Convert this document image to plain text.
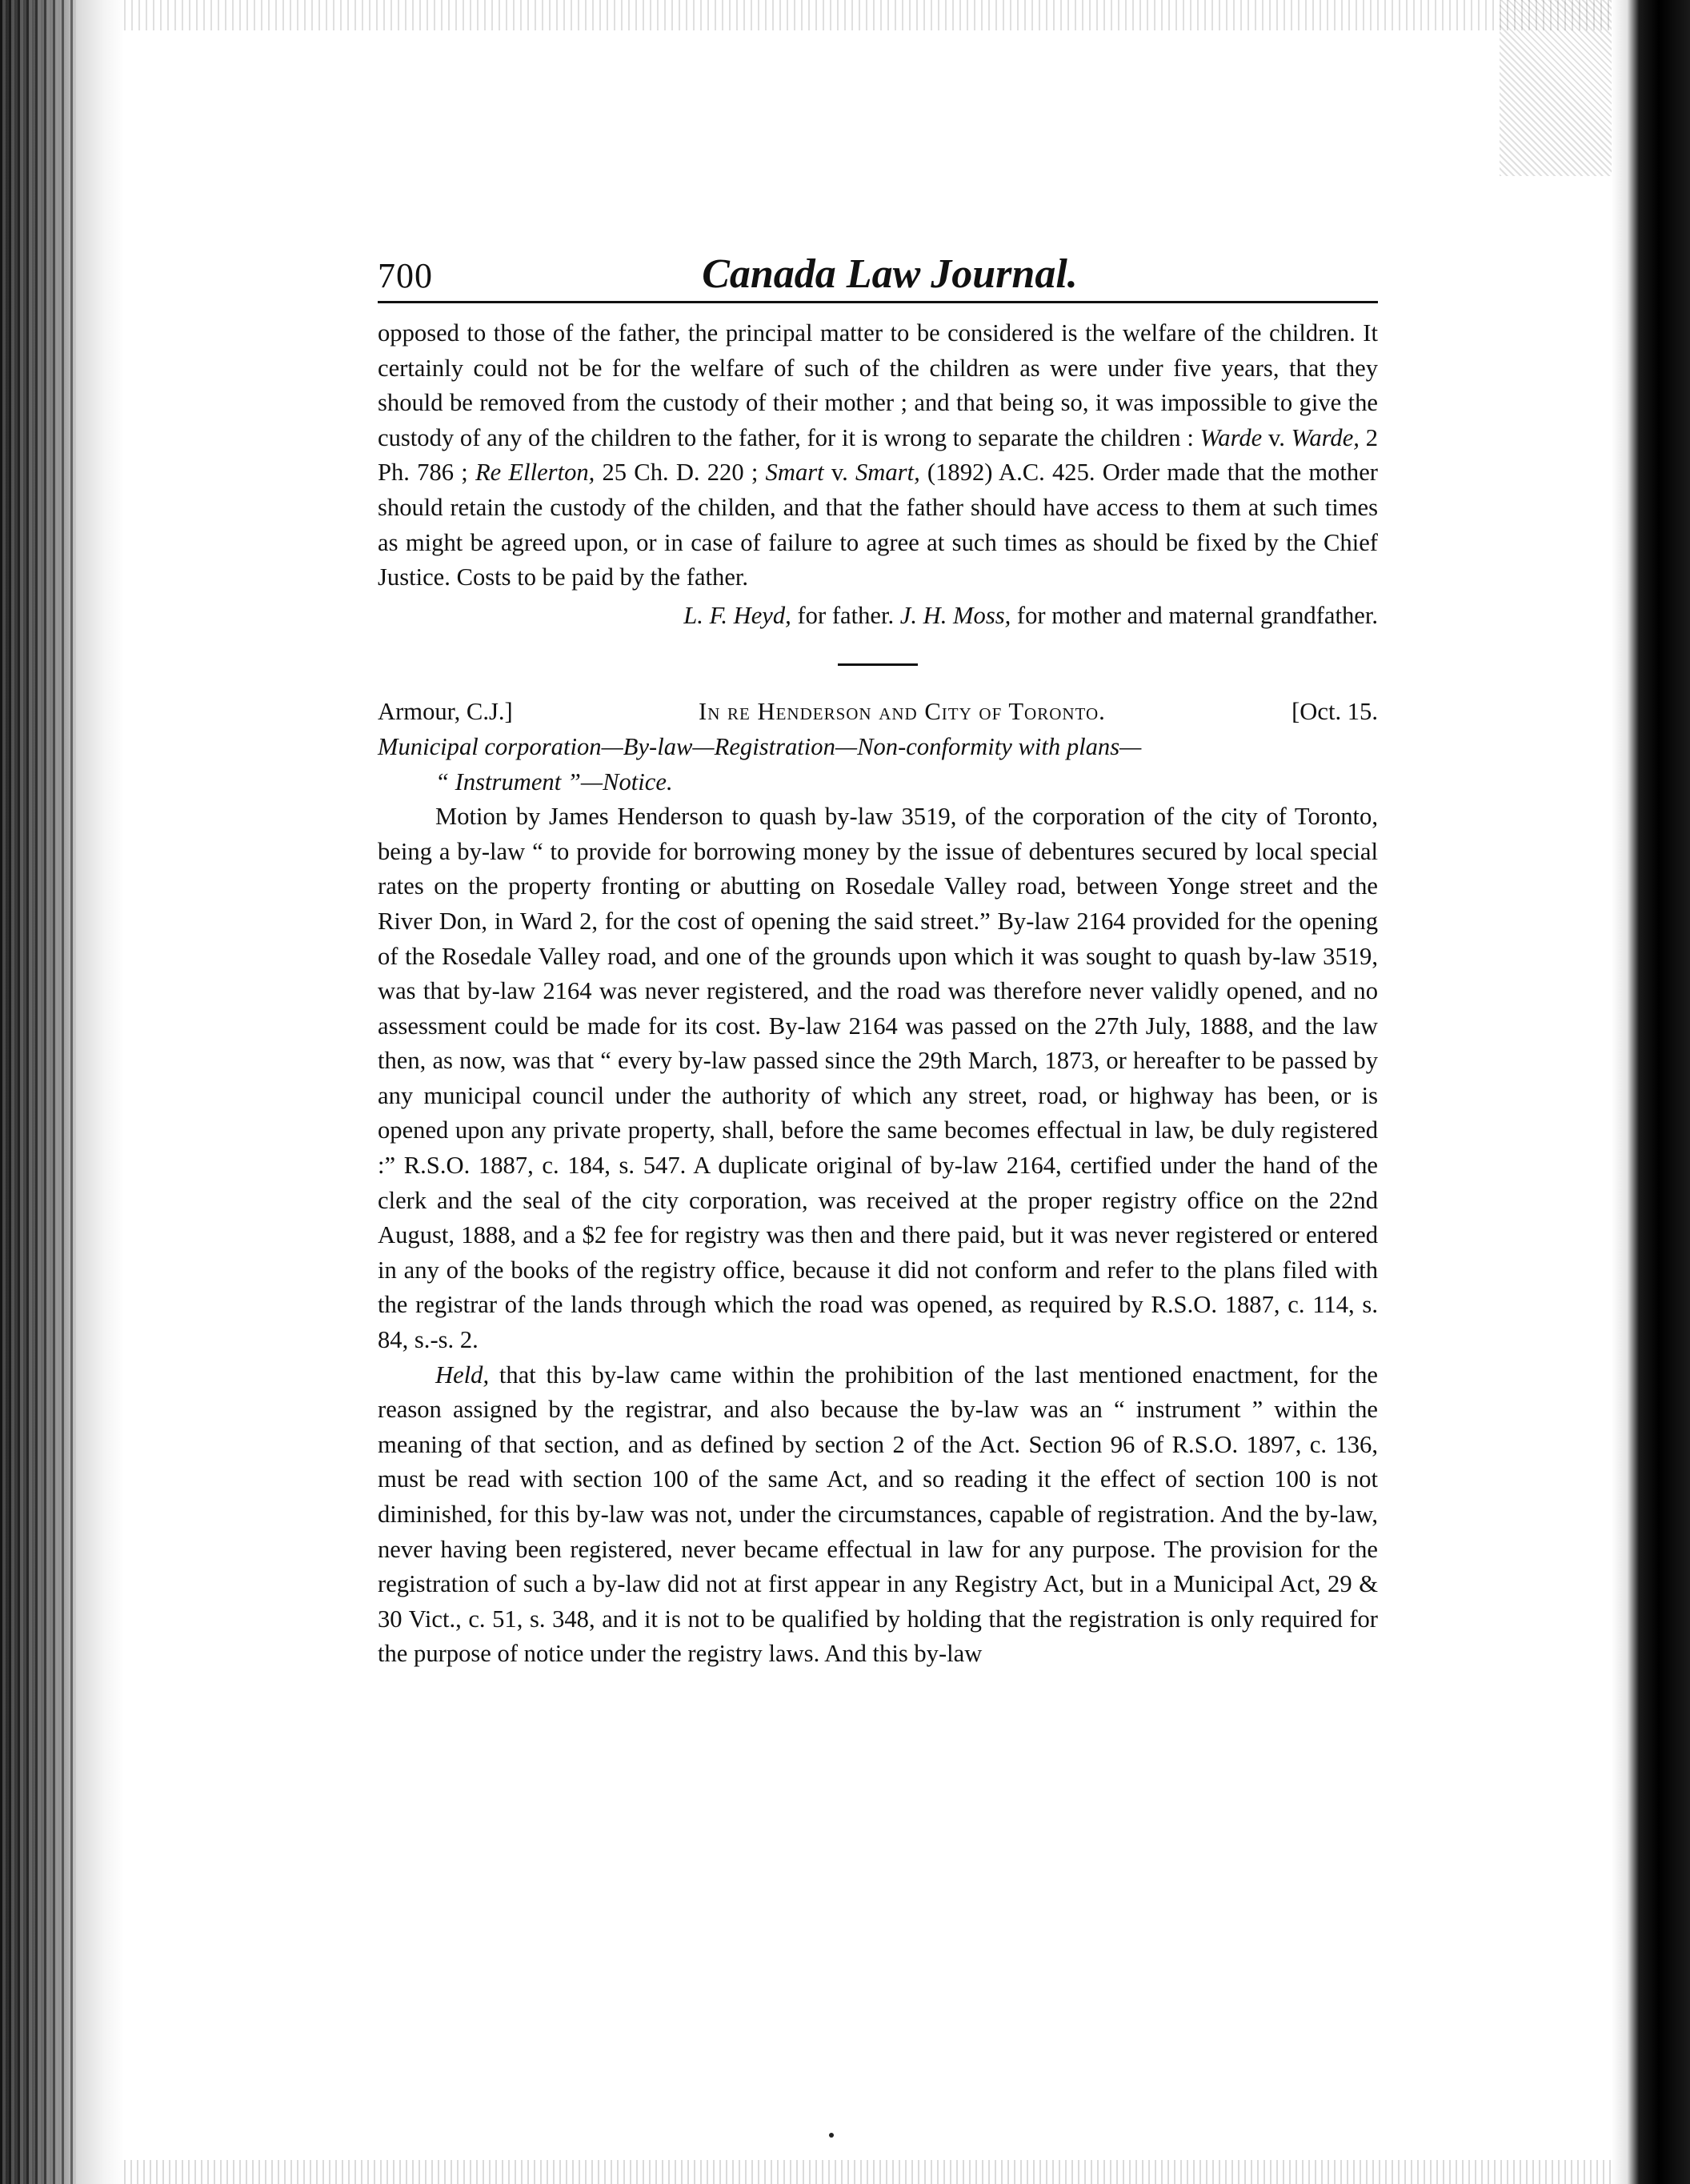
700	Canada Law Journal.

opposed to those of the father, the principal matter to be considered is the welfare of the children. It certainly could not be for the welfare of such of the children as were under five years, that they should be removed from the custody of their mother ; and that being so, it was impossible to give the custody of any of the children to the father, for it is wrong to separate the children : Warde v. Warde, 2 Ph. 786 ; Re Ellerton, 25 Ch. D. 220 ; Smart v. Smart, (1892) A.C. 425. Order made that the mother should retain the custody of the childen, and that the father should have access to them at such times as might be agreed upon, or in case of failure to agree at such times as should be fixed by the Chief Justice. Costs to be paid by the father.

L. F. Heyd, for father. J. H. Moss, for mother and maternal grandfather.

Armour, C.J.]	In re Henderson and City of Toronto.	[Oct. 15.
Municipal corporation—By-law—Registration—Non-conformity with plans—
“ Instrument ”—Notice.

Motion by James Henderson to quash by-law 3519, of the corporation of the city of Toronto, being a by-law “ to provide for borrowing money by the issue of debentures secured by local special rates on the property fronting or abutting on Rosedale Valley road, between Yonge street and the River Don, in Ward 2, for the cost of opening the said street.” By-law 2164 provided for the opening of the Rosedale Valley road, and one of the grounds upon which it was sought to quash by-law 3519, was that by-law 2164 was never registered, and the road was therefore never validly opened, and no assessment could be made for its cost. By-law 2164 was passed on the 27th July, 1888, and the law then, as now, was that “ every by-law passed since the 29th March, 1873, or hereafter to be passed by any municipal council under the authority of which any street, road, or highway has been, or is opened upon any private property, shall, before the same becomes effectual in law, be duly registered :” R.S.O. 1887, c. 184, s. 547. A duplicate original of by-law 2164, certified under the hand of the clerk and the seal of the city corporation, was received at the proper registry office on the 22nd August, 1888, and a $2 fee for registry was then and there paid, but it was never registered or entered in any of the books of the registry office, because it did not conform and refer to the plans filed with the registrar of the lands through which the road was opened, as required by R.S.O. 1887, c. 114, s. 84, s.-s. 2.

Held, that this by-law came within the prohibition of the last mentioned enactment, for the reason assigned by the registrar, and also because the by-law was an “ instrument ” within the meaning of that section, and as defined by section 2 of the Act. Section 96 of R.S.O. 1897, c. 136, must be read with section 100 of the same Act, and so reading it the effect of section 100 is not diminished, for this by-law was not, under the circumstances, capable of registration. And the by-law, never having been registered, never became effectual in law for any purpose. The provision for the registration of such a by-law did not at first appear in any Registry Act, but in a Municipal Act, 29 & 30 Vict., c. 51, s. 348, and it is not to be qualified by holding that the registration is only required for the purpose of notice under the registry laws. And this by-law
